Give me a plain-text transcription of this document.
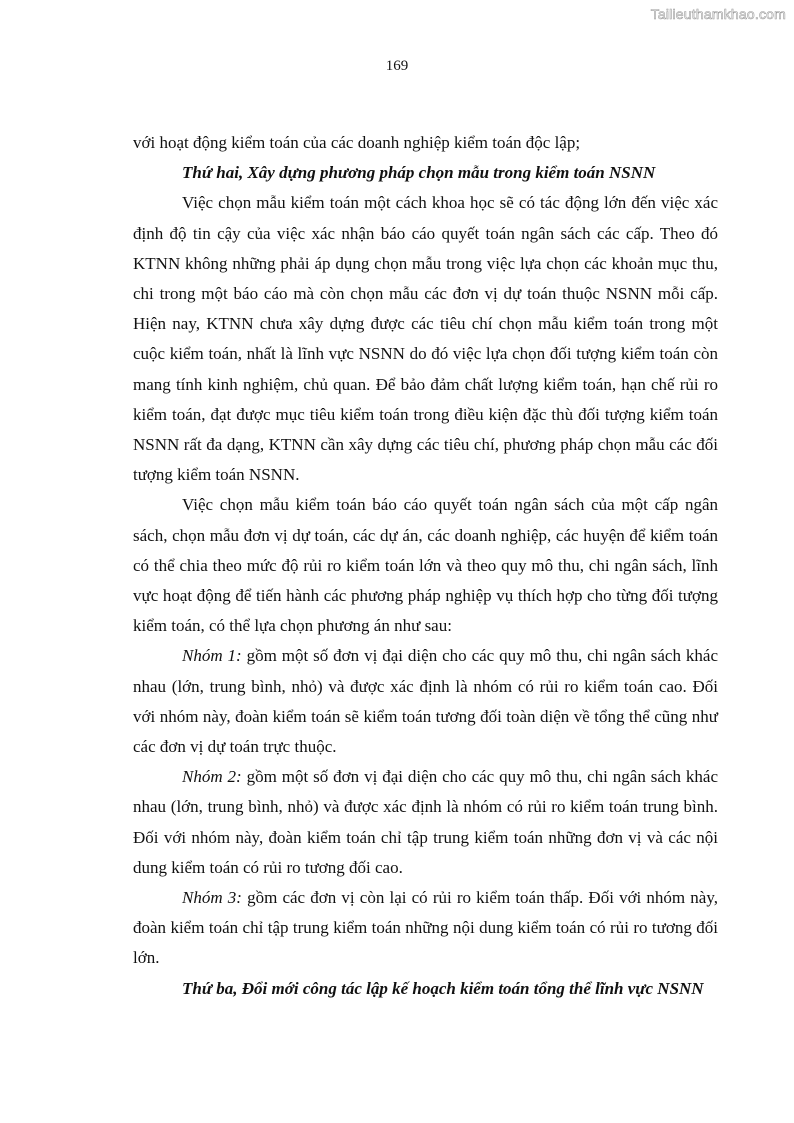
Tailieuthamkhao.com
169

với hoạt động kiểm toán của các doanh nghiệp kiểm toán độc lập;

Thứ hai, Xây dựng phương pháp chọn mẫu trong kiểm toán NSNN

Việc chọn mẫu kiểm toán một cách khoa học sẽ có tác động lớn đến việc xác định độ tin cậy của việc xác nhận báo cáo quyết toán ngân sách các cấp. Theo đó KTNN không những phải áp dụng chọn mẫu trong việc lựa chọn các khoản mục thu, chi trong một báo cáo mà còn chọn mẫu các đơn vị dự toán thuộc NSNN mỗi cấp. Hiện nay, KTNN chưa xây dựng được các tiêu chí chọn mẫu kiểm toán trong một cuộc kiểm toán, nhất là lĩnh vực NSNN do đó việc lựa chọn đối tượng kiểm toán còn mang tính kinh nghiệm, chủ quan. Để bảo đảm chất lượng kiểm toán, hạn chế rủi ro kiểm toán, đạt được mục tiêu kiểm toán trong điều kiện đặc thù đối tượng kiểm toán NSNN rất đa dạng, KTNN cần xây dựng các tiêu chí, phương pháp chọn mẫu các đối tượng kiểm toán NSNN.

Việc chọn mẫu kiểm toán báo cáo quyết toán ngân sách của một cấp ngân sách, chọn mẫu đơn vị dự toán, các dự án, các doanh nghiệp, các huyện để kiểm toán có thể chia theo mức độ rủi ro kiểm toán lớn và theo quy mô thu, chi ngân sách, lĩnh vực hoạt động để tiến hành các phương pháp nghiệp vụ thích hợp cho từng đối tượng kiểm toán, có thể lựa chọn phương án như sau:

Nhóm 1: gồm một số đơn vị đại diện cho các quy mô thu, chi ngân sách khác nhau (lớn, trung bình, nhỏ) và được xác định là nhóm có rủi ro kiểm toán cao. Đối với nhóm này, đoàn kiểm toán sẽ kiểm toán tương đối toàn diện về tổng thể cũng như các đơn vị dự toán trực thuộc.

Nhóm 2: gồm một số đơn vị đại diện cho các quy mô thu, chi ngân sách khác nhau (lớn, trung bình, nhỏ) và được xác định là nhóm có rủi ro kiểm toán trung bình. Đối với nhóm này, đoàn kiểm toán chỉ tập trung kiểm toán những đơn vị và các nội dung kiểm toán có rủi ro tương đối cao.

Nhóm 3: gồm các đơn vị còn lại có rủi ro kiểm toán thấp. Đối với nhóm này, đoàn kiểm toán chỉ tập trung kiểm toán những nội dung kiểm toán có rủi ro tương đối lớn.

Thứ ba, Đổi mới công tác lập kế hoạch kiểm toán tổng thể lĩnh vực NSNN
